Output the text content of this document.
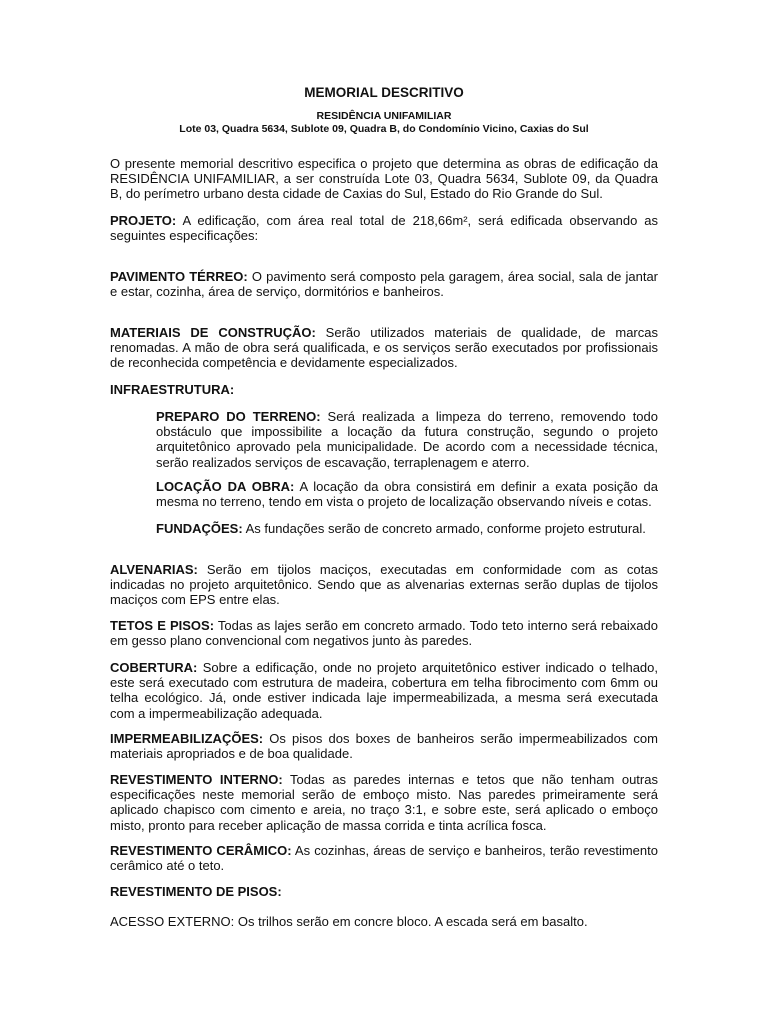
MEMORIAL DESCRITIVO
RESIDÊNCIA UNIFAMILIAR
Lote 03, Quadra 5634, Sublote 09, Quadra B, do Condomínio Vicino, Caxias do Sul
O presente memorial descritivo especifica o projeto que determina as obras de edificação da RESIDÊNCIA UNIFAMILIAR, a ser construída Lote 03, Quadra 5634, Sublote 09, da Quadra B, do perímetro urbano desta cidade de Caxias do Sul, Estado do Rio Grande do Sul.
PROJETO: A edificação, com área real total de 218,66m², será edificada observando as seguintes especificações:
PAVIMENTO TÉRREO: O pavimento será composto pela garagem, área social, sala de jantar e estar, cozinha, área de serviço, dormitórios e banheiros.
MATERIAIS DE CONSTRUÇÃO: Serão utilizados materiais de qualidade, de marcas renomadas. A mão de obra será qualificada, e os serviços serão executados por profissionais de reconhecida competência e devidamente especializados.
INFRAESTRUTURA:
PREPARO DO TERRENO: Será realizada a limpeza do terreno, removendo todo obstáculo que impossibilite a locação da futura construção, segundo o projeto arquitetônico aprovado pela municipalidade. De acordo com a necessidade técnica, serão realizados serviços de escavação, terraplenagem e aterro.
LOCAÇÃO DA OBRA: A locação da obra consistirá em definir a exata posição da mesma no terreno, tendo em vista o projeto de localização observando níveis e cotas.
FUNDAÇÕES: As fundações serão de concreto armado, conforme projeto estrutural.
ALVENARIAS: Serão em tijolos maciços, executadas em conformidade com as cotas indicadas no projeto arquitetônico. Sendo que as alvenarias externas serão duplas de tijolos maciços com EPS entre elas.
TETOS E PISOS: Todas as lajes serão em concreto armado. Todo teto interno será rebaixado em gesso plano convencional com negativos junto às paredes.
COBERTURA: Sobre a edificação, onde no projeto arquitetônico estiver indicado o telhado, este será executado com estrutura de madeira, cobertura em telha fibrocimento com 6mm ou telha ecológico. Já, onde estiver indicada laje impermeabilizada, a mesma será executada com a impermeabilização adequada.
IMPERMEABILIZAÇÕES: Os pisos dos boxes de banheiros serão impermeabilizados com materiais apropriados e de boa qualidade.
REVESTIMENTO INTERNO: Todas as paredes internas e tetos que não tenham outras especificações neste memorial serão de emboço misto. Nas paredes primeiramente será aplicado chapisco com cimento e areia, no traço 3:1, e sobre este, será aplicado o emboço misto, pronto para receber aplicação de massa corrida e tinta acrílica fosca.
REVESTIMENTO CERÂMICO: As cozinhas, áreas de serviço e banheiros, terão revestimento cerâmico até o teto.
REVESTIMENTO DE PISOS:
ACESSO EXTERNO: Os trilhos serão em concre bloco. A escada será em basalto.
